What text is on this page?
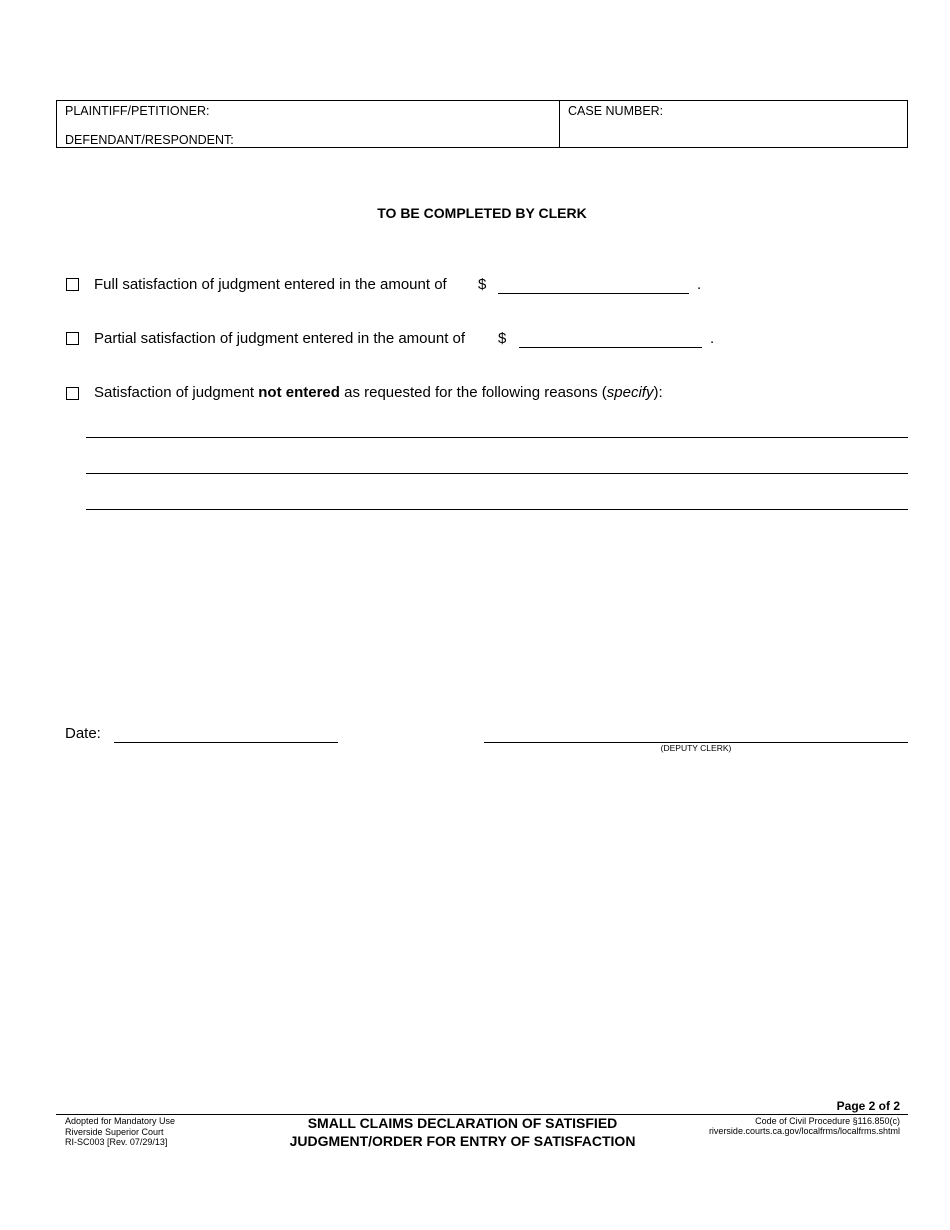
PLAINTIFF/PETITIONER:
DEFENDANT/RESPONDENT:
CASE NUMBER:
TO BE COMPLETED BY CLERK
Full satisfaction of judgment entered in the amount of $	.
Partial satisfaction of judgment entered in the amount of $	.
Satisfaction of judgment not entered as requested for the following reasons (specify):
Date:
(DEPUTY CLERK)
Page 2 of 2
Adopted for Mandatory Use
Riverside Superior Court
RI-SC003 [Rev. 07/29/13]
SMALL CLAIMS DECLARATION OF SATISFIED
JUDGMENT/ORDER FOR ENTRY OF SATISFACTION
Code of Civil Procedure §116.850(c)
riverside.courts.ca.gov/localfrms/localfrms.shtml
